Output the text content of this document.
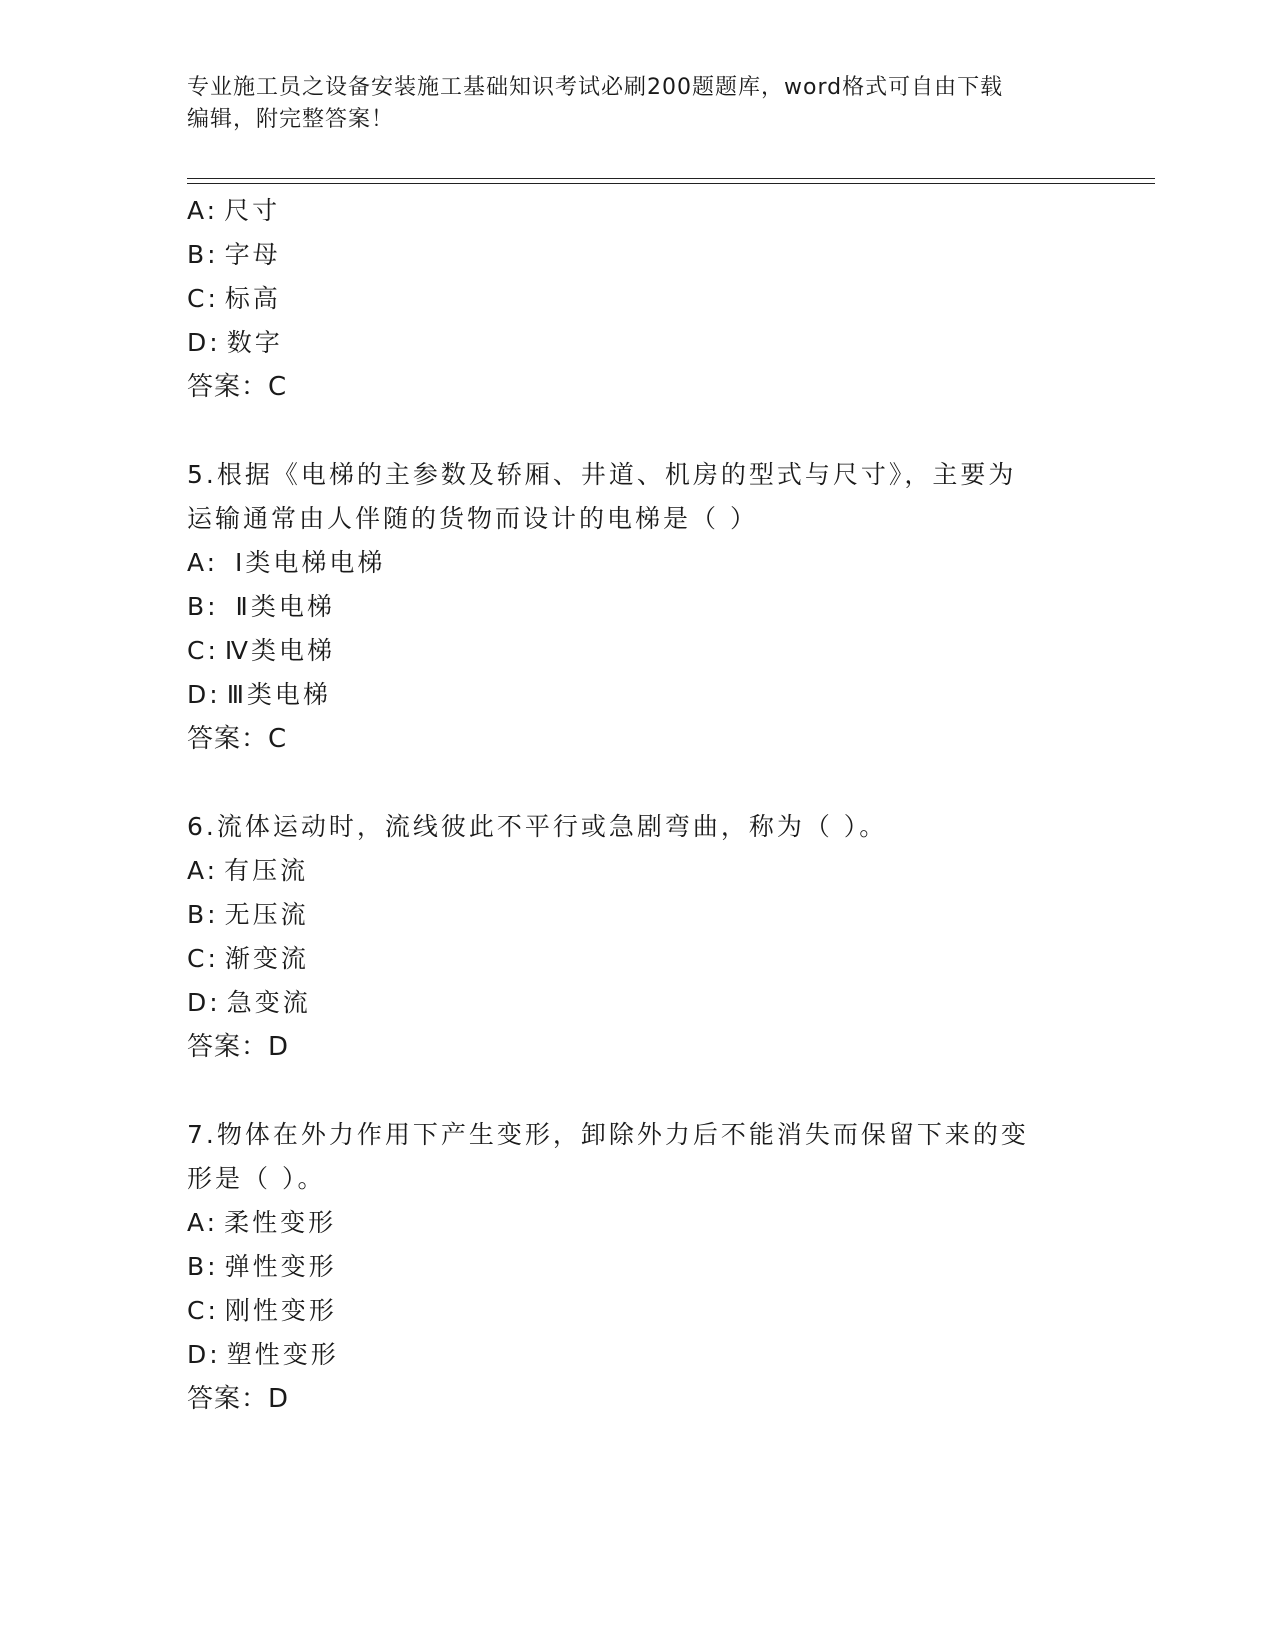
专业施工员之设备安装施工基础知识考试必刷200题题库，word格式可自由下载
编辑，附完整答案！
A: 尺寸
B: 字母
C: 标高
D: 数字
答案：C
5.根据《电梯的主参数及轿厢、井道、机房的型式与尺寸》，主要为
运输通常由人伴随的货物而设计的电梯是（ ）
A: Ⅰ类电梯电梯
B: Ⅱ类电梯
C: Ⅳ类电梯
D: Ⅲ类电梯
答案：C
6.流体运动时，流线彼此不平行或急剧弯曲，称为（ ）。
A: 有压流
B: 无压流
C: 渐变流
D: 急变流
答案：D
7.物体在外力作用下产生变形，卸除外力后不能消失而保留下来的变
形是（ ）。
A: 柔性变形
B: 弹性变形
C: 刚性变形
D: 塑性变形
答案：D
